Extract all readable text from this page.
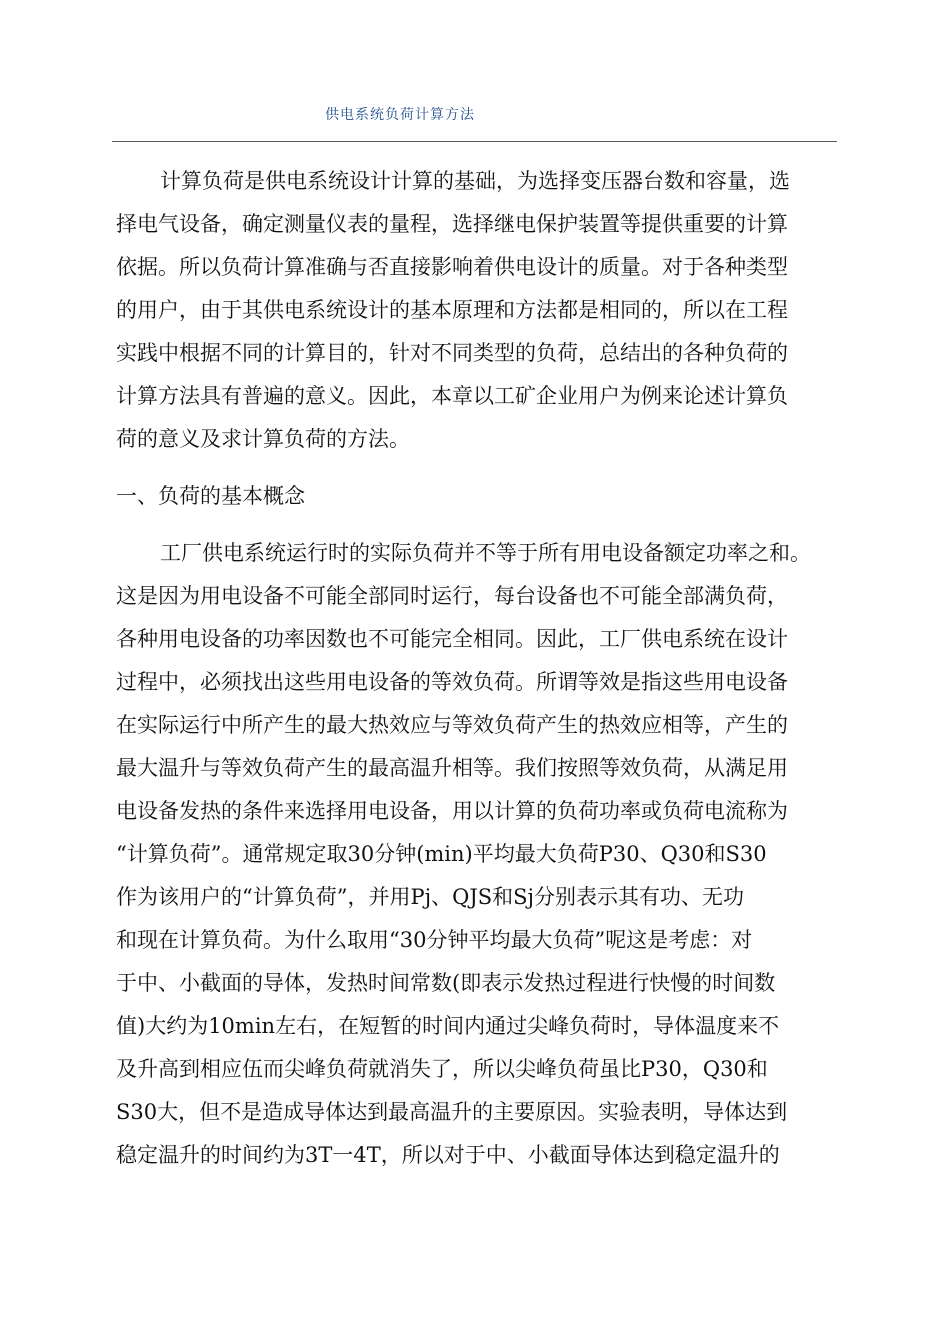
供电系统负荷计算方法
计算负荷是供电系统设计计算的基础，为选择变压器台数和容量，选
择电气设备，确定测量仪表的量程，选择继电保护装置等提供重要的计算
依据。所以负荷计算准确与否直接影响着供电设计的质量。对于各种类型
的用户，由于其供电系统设计的基本原理和方法都是相同的，所以在工程
实践中根据不同的计算目的，针对不同类型的负荷，总结出的各种负荷的
计算方法具有普遍的意义。因此，本章以工矿企业用户为例来论述计算负
荷的意义及求计算负荷的方法。
一、负荷的基本概念
工厂供电系统运行时的实际负荷并不等于所有用电设备额定功率之和。
这是因为用电设备不可能全部同时运行，每台设备也不可能全部满负荷，
各种用电设备的功率因数也不可能完全相同。因此，工厂供电系统在设计
过程中，必须找出这些用电设备的等效负荷。所谓等效是指这些用电设备
在实际运行中所产生的最大热效应与等效负荷产生的热效应相等，产生的
最大温升与等效负荷产生的最高温升相等。我们按照等效负荷，从满足用
电设备发热的条件来选择用电设备，用以计算的负荷功率或负荷电流称为
“计算负荷”。通常规定取30分钟(min)平均最大负荷P30、Q30和S30
作为该用户的“计算负荷”，并用Pj、QJS和Sj分别表示其有功、无功
和现在计算负荷。为什么取用“30分钟平均最大负荷”呢这是考虑：对
于中、小截面的导体，发热时间常数(即表示发热过程进行快慢的时间数
值)大约为10min左右，在短暂的时间内通过尖峰负荷时，导体温度来不
及升高到相应伍而尖峰负荷就消失了，所以尖峰负荷虽比P30，Q30和
S30大，但不是造成导体达到最高温升的主要原因。实验表明，导体达到
稳定温升的时间约为3T一4T，所以对于中、小截面导体达到稳定温升的
